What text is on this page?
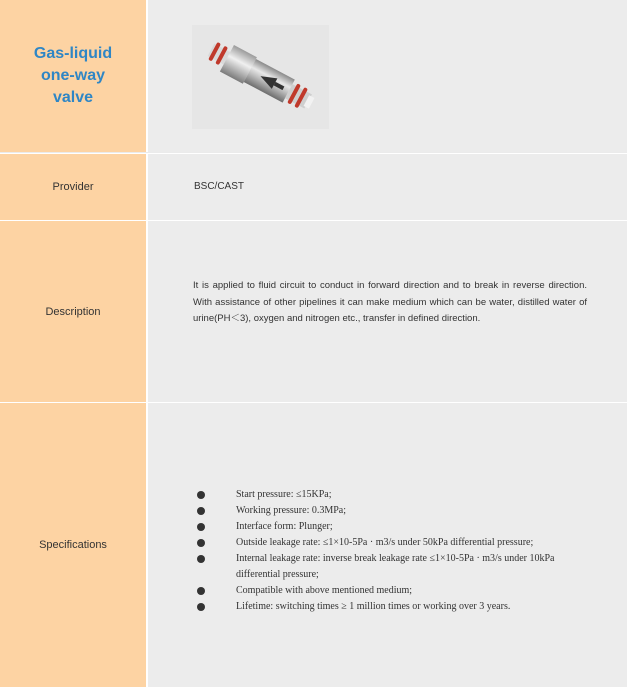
Gas-liquid one-way valve
Provider	BSC/CAST
Description
It is applied to fluid circuit to conduct in forward direction and to break in reverse direction. With assistance of other pipelines it can make medium which can be water, distilled water of urine(PH＜3), oxygen and nitrogen etc., transfer in defined direction.
Specifications
Start pressure: ≤15KPa;
Working pressure: 0.3MPa;
Interface form: Plunger;
Outside leakage rate: ≤1×10-5Pa · m3/s under 50kPa differential pressure;
Internal leakage rate: inverse break leakage rate ≤1×10-5Pa · m3/s under 10kPa differential pressure;
Compatible with above mentioned medium;
Lifetime: switching times ≥ 1 million times or working over 3 years.
